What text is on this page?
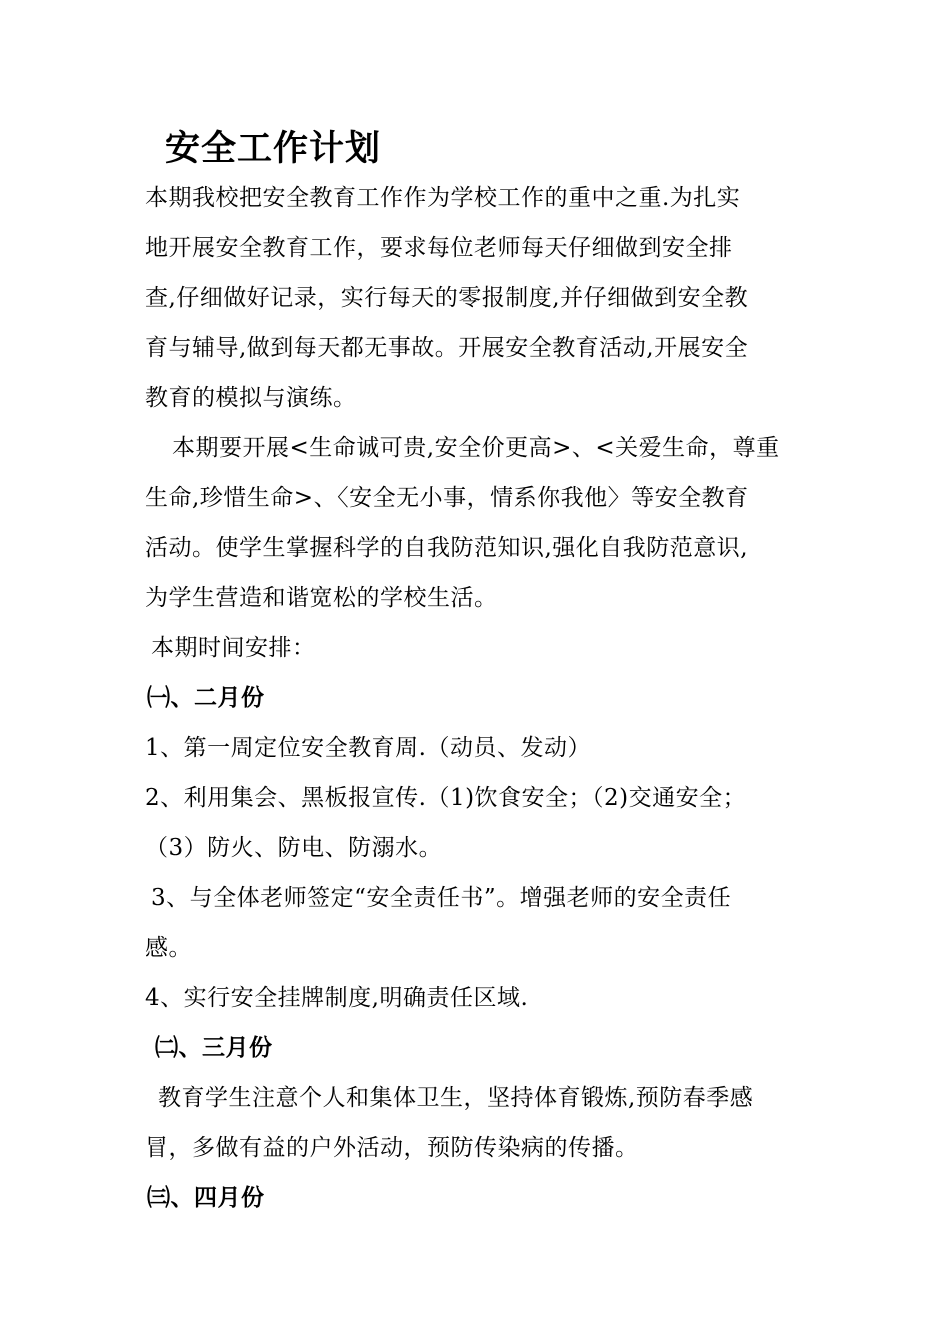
安全工作计划
本期我校把安全教育工作作为学校工作的重中之重.为扎实
地开展安全教育工作，要求每位老师每天仔细做到安全排
查,仔细做好记录，实行每天的零报制度,并仔细做到安全教
育与辅导,做到每天都无事故。开展安全教育活动,开展安全
教育的模拟与演练。
本期要开展<生命诚可贵,安全价更高>、<关爱生命，尊重
生命,珍惜生命>、〈安全无小事，情系你我他〉等安全教育
活动。使学生掌握科学的自我防范知识,强化自我防范意识,
为学生营造和谐宽松的学校生活。
本期时间安排：
㈠、二月份
1、第一周定位安全教育周.（动员、发动）
2、利用集会、黑板报宣传.（1)饮食安全；（2)交通安全；
（3）防火、防电、防溺水。
3、与全体老师签定“安全责任书”。增强老师的安全责任
感。
4、实行安全挂牌制度,明确责任区域.
㈡、三月份
教育学生注意个人和集体卫生，坚持体育锻炼,预防春季感
冒，多做有益的户外活动，预防传染病的传播。
㈢、四月份
